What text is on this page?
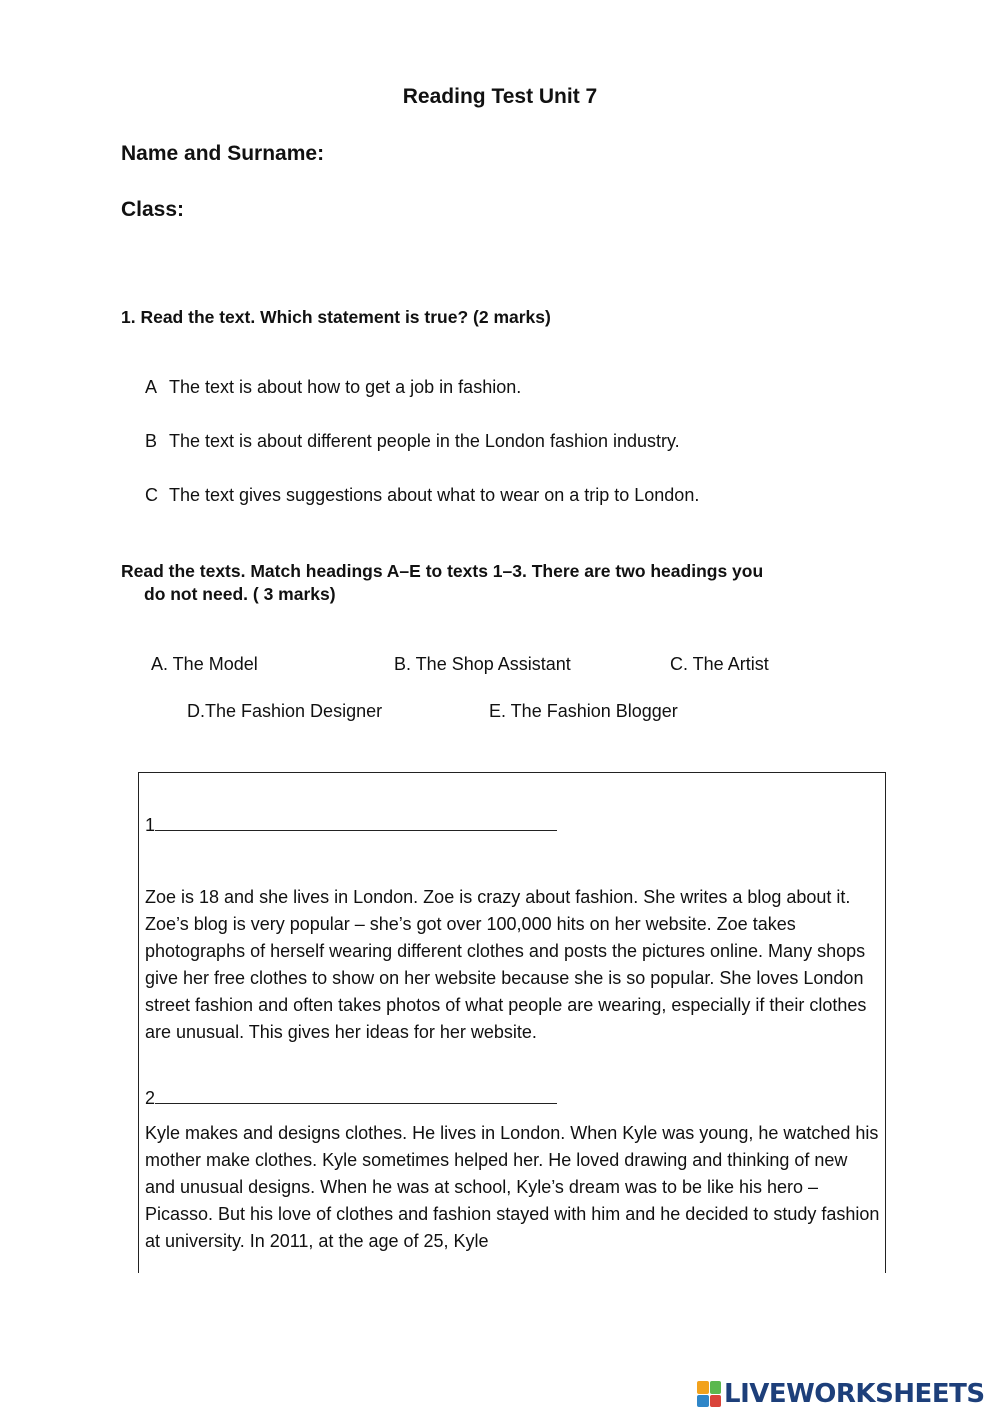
Reading Test Unit 7
Name and Surname:
Class:
1. Read the text. Which statement is true? (2 marks)
A The text is about how to get a job in fashion.
B The text is about different people in the London fashion industry.
C The text gives suggestions about what to wear on a trip to London.
Read the texts. Match headings A–E to texts 1–3. There are two headings you
do not need. ( 3 marks)
A. The Model	B. The Shop Assistant	C. The Artist
D.The Fashion Designer	E. The Fashion Blogger
1
Zoe is 18 and she lives in London. Zoe is crazy about fashion. She writes a blog about it. Zoe’s blog is very popular – she’s got over 100,000 hits on her website. Zoe takes photographs of herself wearing different clothes and posts the pictures online. Many shops give her free clothes to show on her website because she is so popular. She loves London street fashion and often takes photos of what people are wearing, especially if their clothes are unusual. This gives her ideas for her website.
2
Kyle makes and designs clothes. He lives in London. When Kyle was young, he watched his mother make clothes. Kyle sometimes helped her. He loved drawing and thinking of new and unusual designs. When he was at school, Kyle’s dream was to be like his hero – Picasso. But his love of clothes and fashion stayed with him and he decided to study fashion at university. In 2011, at the age of 25, Kyle
LIVEWORKSHEETS
